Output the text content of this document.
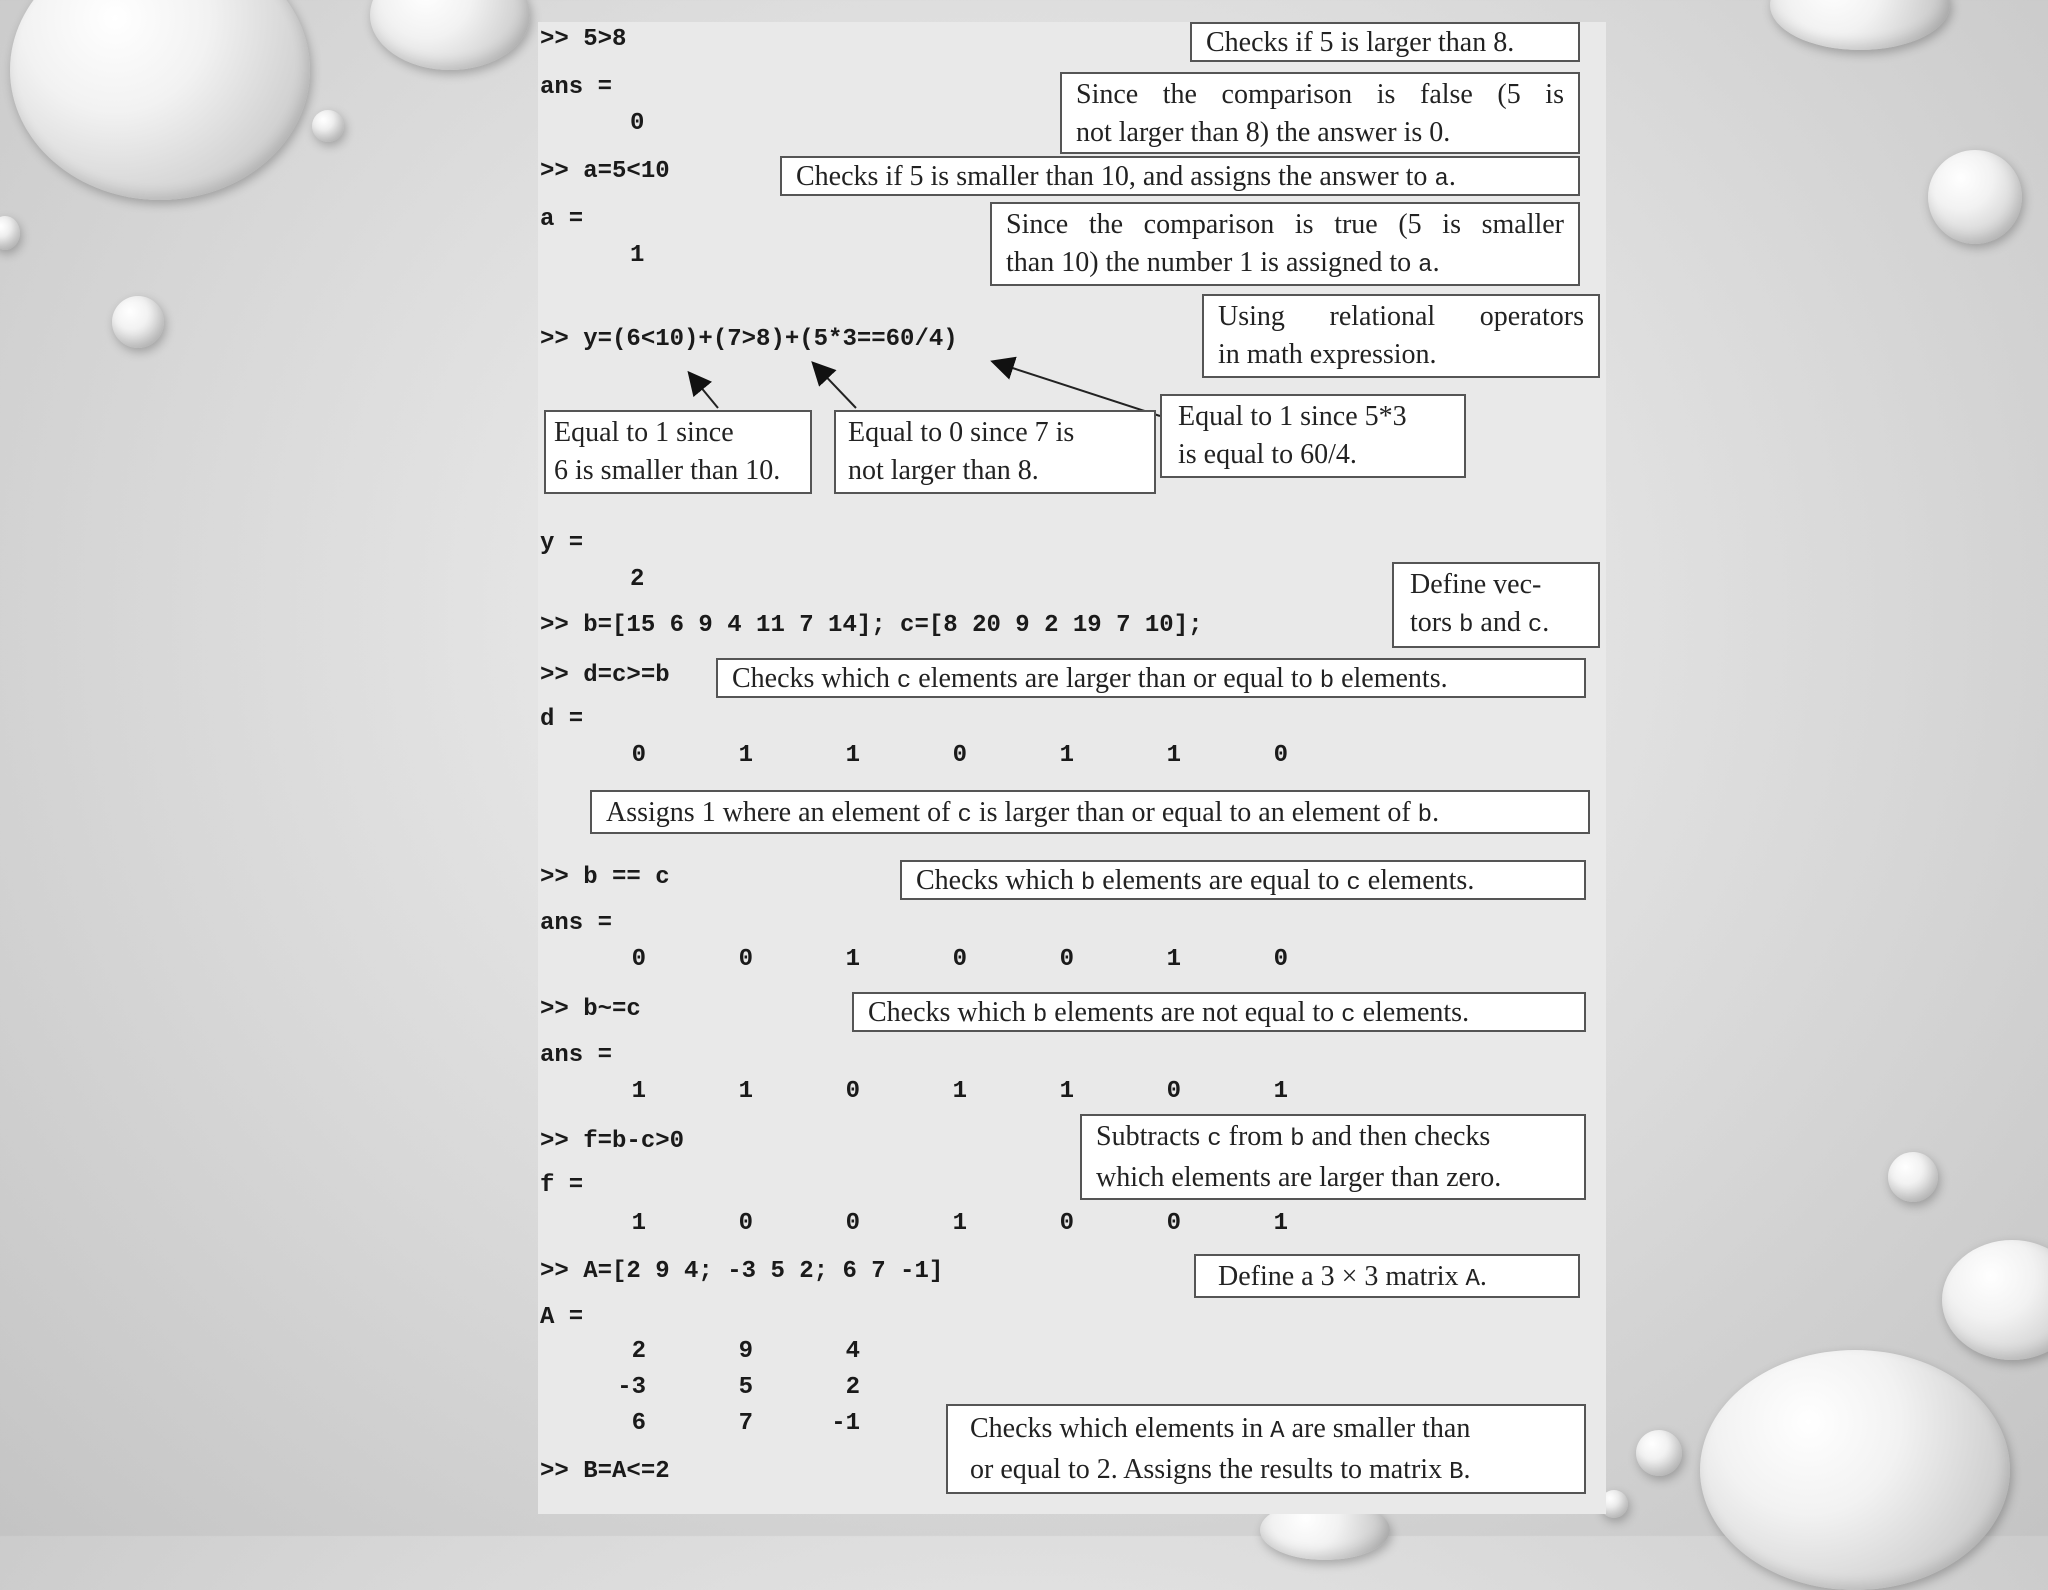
>> 5>8
ans =
0
>> a=5<10
a =
1
>> y=(6<10)+(7>8)+(5*3==60/4)
y =
2
>> b=[15 6 9 4 11 7 14]; c=[8 20 9 2 19 7 10];
>> d=c>=b
d =
>> b == c
ans =
>> b~=c
ans =
>> f=b-c>0
f =
>> A=[2 9 4; -3 5 2; 6 7 -1]
A =
>> B=A<=2
0	1	1	0	1	1	0
0	0	1	0	0	1	0
1	1	0	1	1	0	1
1	0	0	1	0	0	1
2	9	4
-3	5	2
6	7	-1
Checks if 5 is larger than 8.
Since the comparison is false (5 is
not larger than 8) the answer is 0.
Checks if 5 is smaller than 10, and assigns the answer to a.
Since the comparison is true (5 is smaller
than 10) the number 1 is assigned to a.
Using relational operators
in math expression.
Equal to 1 since
6 is smaller than 10.
Equal to 0 since 7 is
not larger than 8.
Equal to 1 since 5*3
is equal to 60/4.
Define vec-
tors b and c.
Checks which c elements are larger than or equal to b elements.
Assigns 1 where an element of c is larger than or equal to an element of b.
Checks which b elements are equal to c elements.
Checks which b elements are not equal to c elements.
Subtracts c from b and then checks
which elements are larger than zero.
Define a 3 × 3 matrix A.
Checks which elements in A are smaller than
or equal to 2. Assigns the results to matrix B.
